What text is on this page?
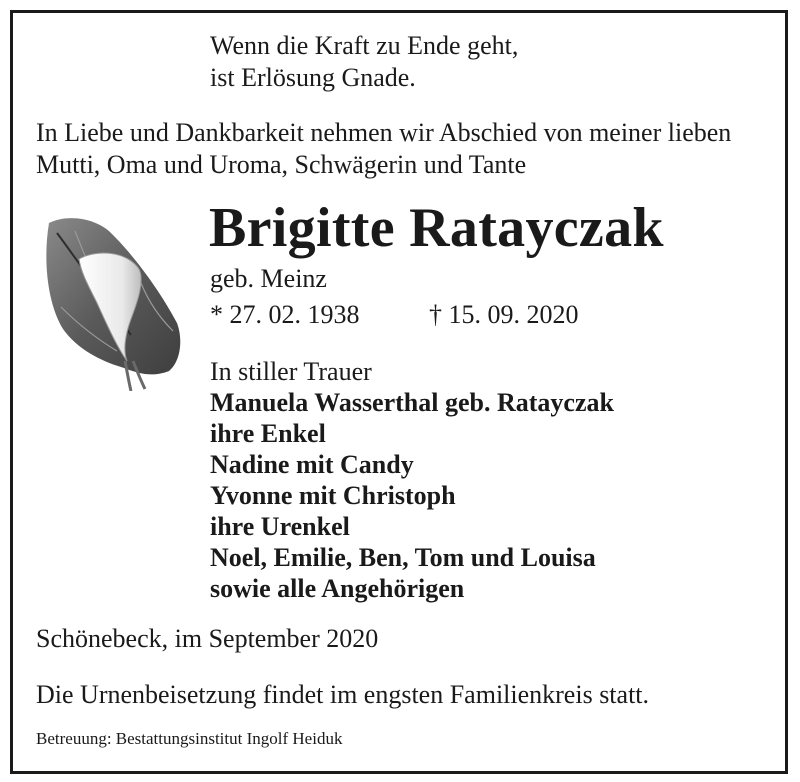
Wenn die Kraft zu Ende geht,
ist Erlösung Gnade.
In Liebe und Dankbarkeit nehmen wir Abschied von meiner lieben
Mutti, Oma und Uroma, Schwägerin und Tante
Brigitte Ratayczak
geb. Meinz
* 27. 02. 1938	† 15. 09. 2020
In stiller Trauer
Manuela Wasserthal geb. Ratayczak
ihre Enkel
Nadine mit Candy
Yvonne mit Christoph
ihre Urenkel
Noel, Emilie, Ben, Tom und Louisa
sowie alle Angehörigen
Schönebeck, im September 2020
Die Urnenbeisetzung findet im engsten Familienkreis statt.
Betreuung: Bestattungsinstitut Ingolf Heiduk
